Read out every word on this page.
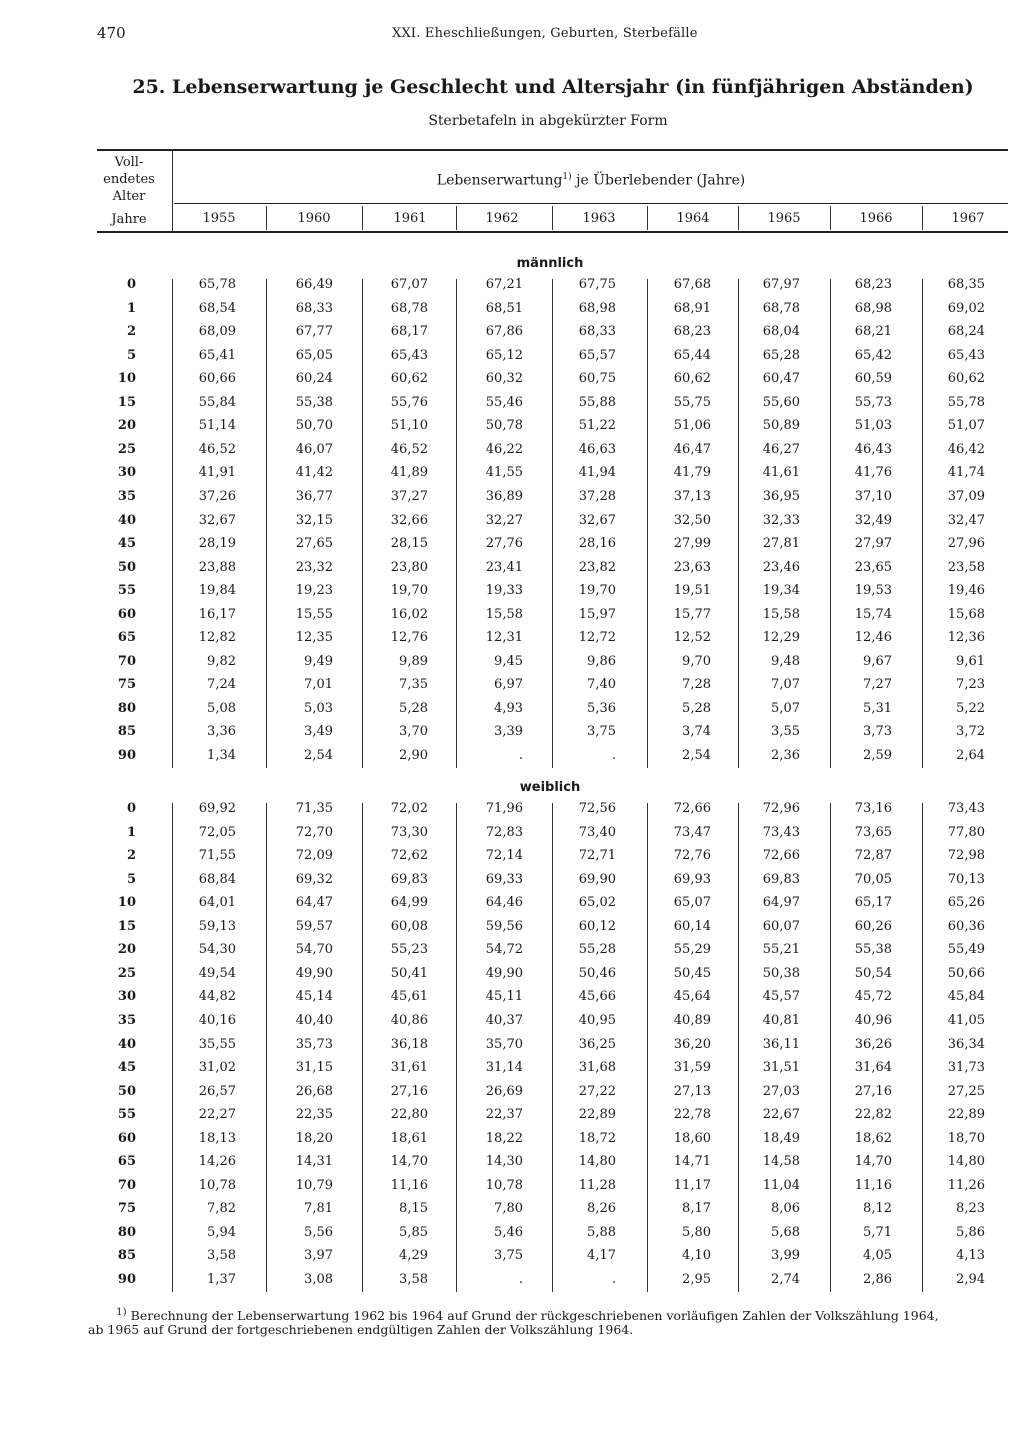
470	XXI. Eheschließungen, Geburten, Sterbefälle
25. Lebenserwartung je Geschlecht und Altersjahr (in fünfjährigen Abständen)
Sterbetafeln in abgekürzter Form
Voll-
endetes
Alter
Jahre
Lebenserwartung$^{1)}$ je Überlebender (Jahre)
1955	1960	1961	1962	1963	1964	1965	1966	1967
männlich
0	65,78	66,49	67,07	67,21	67,75	67,68	67,97	68,23	68,35
1	68,54	68,33	68,78	68,51	68,98	68,91	68,78	68,98	69,02
2	68,09	67,77	68,17	67,86	68,33	68,23	68,04	68,21	68,24
5	65,41	65,05	65,43	65,12	65,57	65,44	65,28	65,42	65,43
10	60,66	60,24	60,62	60,32	60,75	60,62	60,47	60,59	60,62
15	55,84	55,38	55,76	55,46	55,88	55,75	55,60	55,73	55,78
20	51,14	50,70	51,10	50,78	51,22	51,06	50,89	51,03	51,07
25	46,52	46,07	46,52	46,22	46,63	46,47	46,27	46,43	46,42
30	41,91	41,42	41,89	41,55	41,94	41,79	41,61	41,76	41,74
35	37,26	36,77	37,27	36,89	37,28	37,13	36,95	37,10	37,09
40	32,67	32,15	32,66	32,27	32,67	32,50	32,33	32,49	32,47
45	28,19	27,65	28,15	27,76	28,16	27,99	27,81	27,97	27,96
50	23,88	23,32	23,80	23,41	23,82	23,63	23,46	23,65	23,58
55	19,84	19,23	19,70	19,33	19,70	19,51	19,34	19,53	19,46
60	16,17	15,55	16,02	15,58	15,97	15,77	15,58	15,74	15,68
65	12,82	12,35	12,76	12,31	12,72	12,52	12,29	12,46	12,36
70	9,82	9,49	9,89	9,45	9,86	9,70	9,48	9,67	9,61
75	7,24	7,01	7,35	6,97	7,40	7,28	7,07	7,27	7,23
80	5,08	5,03	5,28	4,93	5,36	5,28	5,07	5,31	5,22
85	3,36	3,49	3,70	3,39	3,75	3,74	3,55	3,73	3,72
90	1,34	2,54	2,90	.	.	2,54	2,36	2,59	2,64
weiblich
0	69,92	71,35	72,02	71,96	72,56	72,66	72,96	73,16	73,43
1	72,05	72,70	73,30	72,83	73,40	73,47	73,43	73,65	77,80
2	71,55	72,09	72,62	72,14	72,71	72,76	72,66	72,87	72,98
5	68,84	69,32	69,83	69,33	69,90	69,93	69,83	70,05	70,13
10	64,01	64,47	64,99	64,46	65,02	65,07	64,97	65,17	65,26
15	59,13	59,57	60,08	59,56	60,12	60,14	60,07	60,26	60,36
20	54,30	54,70	55,23	54,72	55,28	55,29	55,21	55,38	55,49
25	49,54	49,90	50,41	49,90	50,46	50,45	50,38	50,54	50,66
30	44,82	45,14	45,61	45,11	45,66	45,64	45,57	45,72	45,84
35	40,16	40,40	40,86	40,37	40,95	40,89	40,81	40,96	41,05
40	35,55	35,73	36,18	35,70	36,25	36,20	36,11	36,26	36,34
45	31,02	31,15	31,61	31,14	31,68	31,59	31,51	31,64	31,73
50	26,57	26,68	27,16	26,69	27,22	27,13	27,03	27,16	27,25
55	22,27	22,35	22,80	22,37	22,89	22,78	22,67	22,82	22,89
60	18,13	18,20	18,61	18,22	18,72	18,60	18,49	18,62	18,70
65	14,26	14,31	14,70	14,30	14,80	14,71	14,58	14,70	14,80
70	10,78	10,79	11,16	10,78	11,28	11,17	11,04	11,16	11,26
75	7,82	7,81	8,15	7,80	8,26	8,17	8,06	8,12	8,23
80	5,94	5,56	5,85	5,46	5,88	5,80	5,68	5,71	5,86
85	3,58	3,97	4,29	3,75	4,17	4,10	3,99	4,05	4,13
90	1,37	3,08	3,58	.	.	2,95	2,74	2,86	2,94
$^{1)}$ Berechnung der Lebenserwartung 1962 bis 1964 auf Grund der rückgeschriebenen vorläufigen Zahlen der Volkszählung 1964,
ab 1965 auf Grund der fortgeschriebenen endgültigen Zahlen der Volkszählung 1964.
